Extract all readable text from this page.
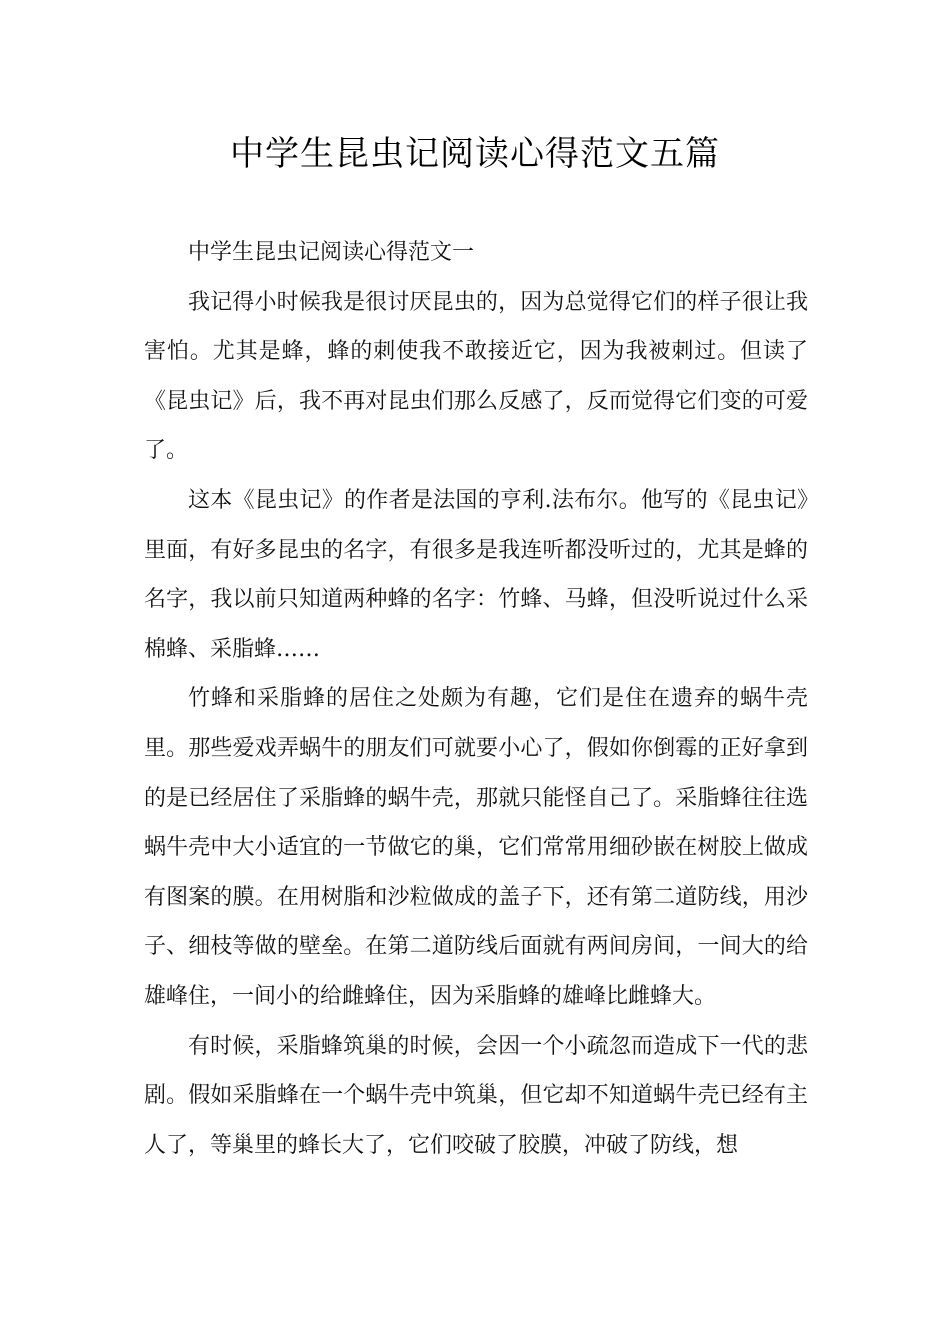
中学生昆虫记阅读心得范文五篇

中学生昆虫记阅读心得范文一

我记得小时候我是很讨厌昆虫的，因为总觉得它们的样子很让我害怕。尤其是蜂，蜂的刺使我不敢接近它，因为我被刺过。但读了《昆虫记》后，我不再对昆虫们那么反感了，反而觉得它们变的可爱了。

这本《昆虫记》的作者是法国的亨利.法布尔。他写的《昆虫记》里面，有好多昆虫的名字，有很多是我连听都没听过的，尤其是蜂的名字，我以前只知道两种蜂的名字：竹蜂、马蜂，但没听说过什么采棉蜂、采脂蜂……

竹蜂和采脂蜂的居住之处颇为有趣，它们是住在遗弃的蜗牛壳里。那些爱戏弄蜗牛的朋友们可就要小心了，假如你倒霉的正好拿到的是已经居住了采脂蜂的蜗牛壳，那就只能怪自己了。采脂蜂往往选蜗牛壳中大小适宜的一节做它的巢，它们常常用细砂嵌在树胶上做成有图案的膜。在用树脂和沙粒做成的盖子下，还有第二道防线，用沙子、细枝等做的壁垒。在第二道防线后面就有两间房间，一间大的给雄峰住，一间小的给雌蜂住，因为采脂蜂的雄峰比雌蜂大。

有时候，采脂蜂筑巢的时候，会因一个小疏忽而造成下一代的悲剧。假如采脂蜂在一个蜗牛壳中筑巢，但它却不知道蜗牛壳已经有主人了，等巢里的蜂长大了，它们咬破了胶膜，冲破了防线，想
